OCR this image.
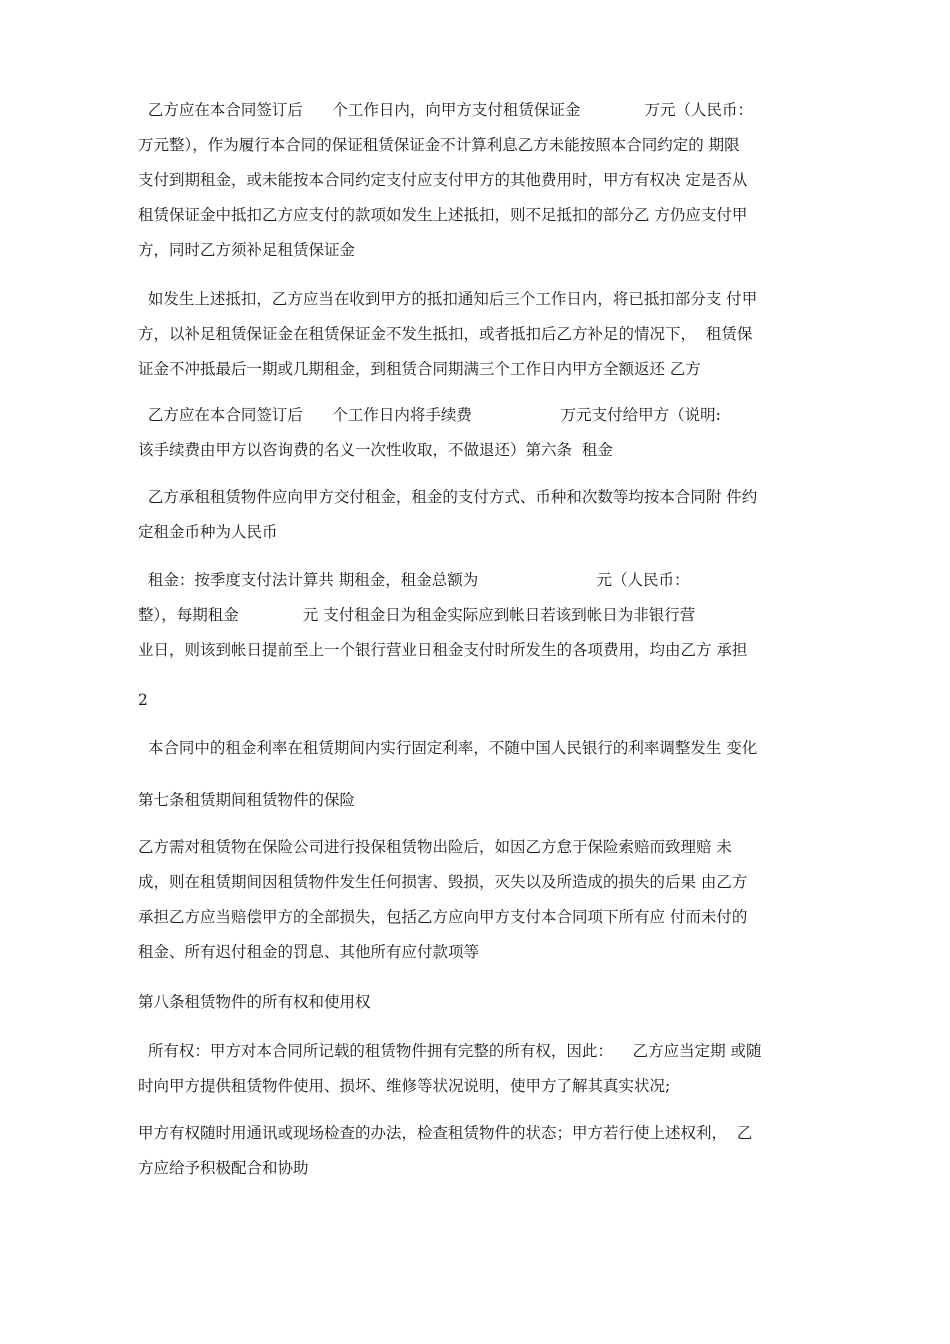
乙方应在本合同签订后      个工作日内，向甲方支付租赁保证金             万元（人民币：
万元整），作为履行本合同的保证租赁保证金不计算利息乙方未能按照本合同约定的 期限
支付到期租金，或未能按本合同约定支付应支付甲方的其他费用时，甲方有权决 定是否从
租赁保证金中抵扣乙方应支付的款项如发生上述抵扣，则不足抵扣的部分乙 方仍应支付甲
方，同时乙方须补足租赁保证金

如发生上述抵扣，乙方应当在收到甲方的抵扣通知后三个工作日内，将已抵扣部分支 付甲
方，以补足租赁保证金在租赁保证金不发生抵扣，或者抵扣后乙方补足的情况下，  租赁保
证金不冲抵最后一期或几期租金，到租赁合同期满三个工作日内甲方全额返还 乙方

乙方应在本合同签订后      个工作日内将手续费                  万元支付给甲方（说明:
该手续费由甲方以咨询费的名义一次性收取，不做退还）第六条  租金

乙方承租租赁物件应向甲方交付租金，租金的支付方式、币种和次数等均按本合同附 件约
定租金币种为人民币

租金：按季度支付法计算共 期租金，租金总额为                        元（人民币：
整），每期租金             元 支付租金日为租金实际应到帐日若该到帐日为非银行营
业日，则该到帐日提前至上一个银行营业日租金支付时所发生的各项费用，均由乙方 承担

2

本合同中的租金利率在租赁期间内实行固定利率，不随中国人民银行的利率调整发生 变化

第七条租赁期间租赁物件的保险

乙方需对租赁物在保险公司进行投保租赁物出险后，如因乙方怠于保险索赔而致理赔 未
成，则在租赁期间因租赁物件发生任何损害、毁损，灭失以及所造成的损失的后果 由乙方
承担乙方应当赔偿甲方的全部损失，包括乙方应向甲方支付本合同项下所有应 付而未付的
租金、所有迟付租金的罚息、其他所有应付款项等

第八条租赁物件的所有权和使用权

所有权：甲方对本合同所记载的租赁物件拥有完整的所有权，因此：    乙方应当定期 或随
时向甲方提供租赁物件使用、损坏、维修等状况说明，使甲方了解其真实状况;

甲方有权随时用通讯或现场检查的办法，检查租赁物件的状态；甲方若行使上述权利，  乙
方应给予积极配合和协助
